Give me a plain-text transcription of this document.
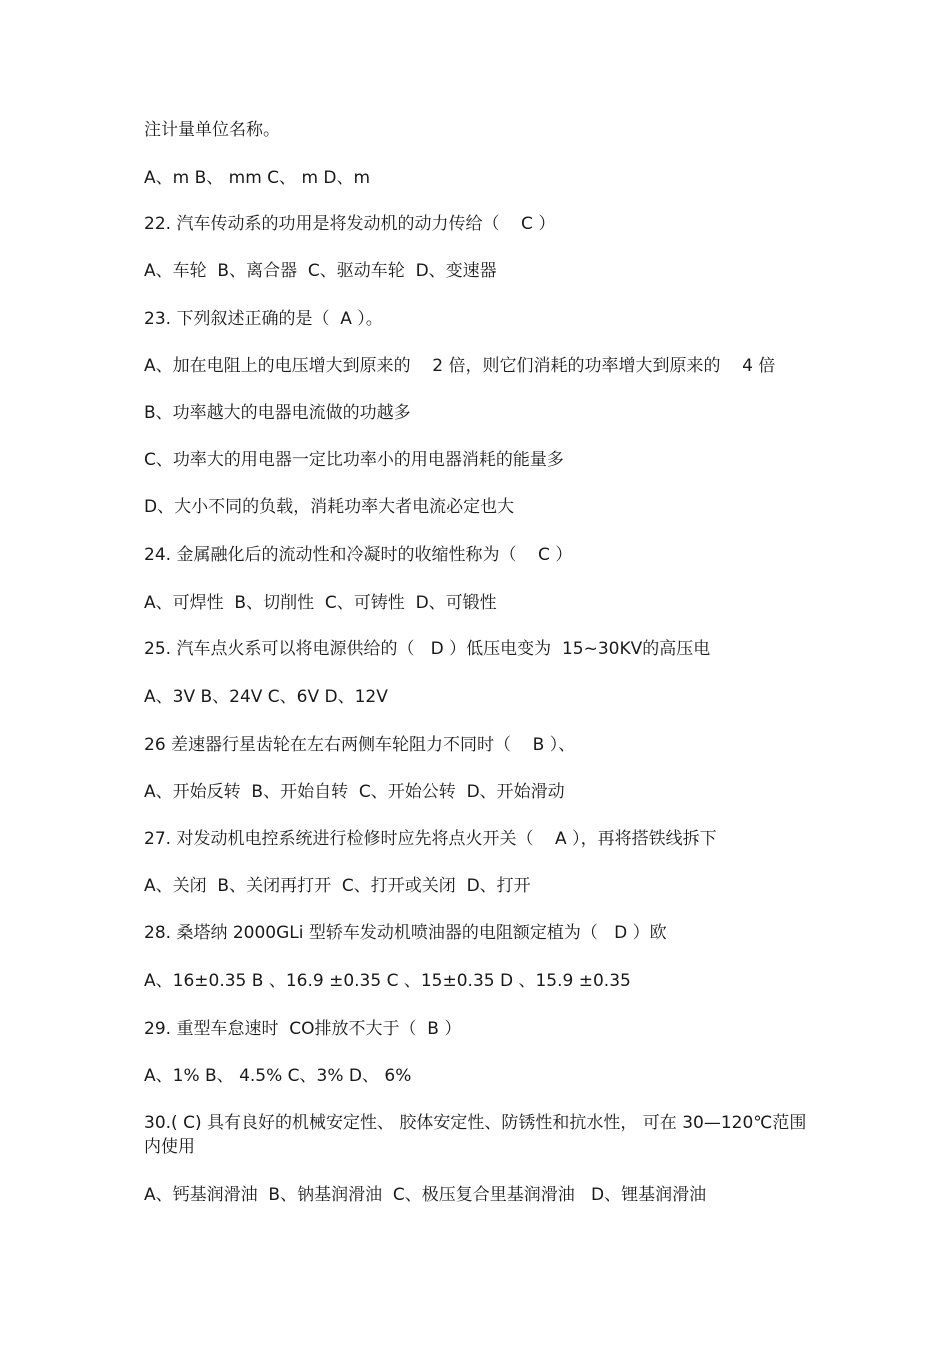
注计量单位名称。
A、m B、 mm C、 m D、m
22. 汽车传动系的功用是将发动机的动力传给（    C ）
A、车轮  B、离合器  C、驱动车轮  D、变速器
23. 下列叙述正确的是（  A ）。
A、加在电阻上的电压增大到原来的    2 倍，则它们消耗的功率增大到原来的    4 倍
B、功率越大的电器电流做的功越多
C、功率大的用电器一定比功率小的用电器消耗的能量多
D、大小不同的负载，消耗功率大者电流必定也大
24. 金属融化后的流动性和冷凝时的收缩性称为（    C ）
A、可焊性  B、切削性  C、可铸性  D、可锻性
25. 汽车点火系可以将电源供给的（   D ）低压电变为  15~30KV的高压电
A、3V B、24V C、6V D、12V
26 差速器行星齿轮在左右两侧车轮阻力不同时（    B ）、
A、开始反转  B、开始自转  C、开始公转  D、开始滑动
27. 对发动机电控系统进行检修时应先将点火开关（    A ），再将搭铁线拆下
A、关闭  B、关闭再打开  C、打开或关闭  D、打开
28. 桑塔纳 2000GLi 型轿车发动机喷油器的电阻额定植为（   D ）欧
A、16±0.35 B 、16.9 ±0.35 C 、15±0.35 D 、15.9 ±0.35
29. 重型车怠速时  CO排放不大于（  B ）
A、1% B、 4.5% C、3% D、 6%
30.( C) 具有良好的机械安定性、 胶体安定性、防锈性和抗水性， 可在 30—120℃范围内使用
A、钙基润滑油  B、钠基润滑油  C、极压复合里基润滑油   D、锂基润滑油
